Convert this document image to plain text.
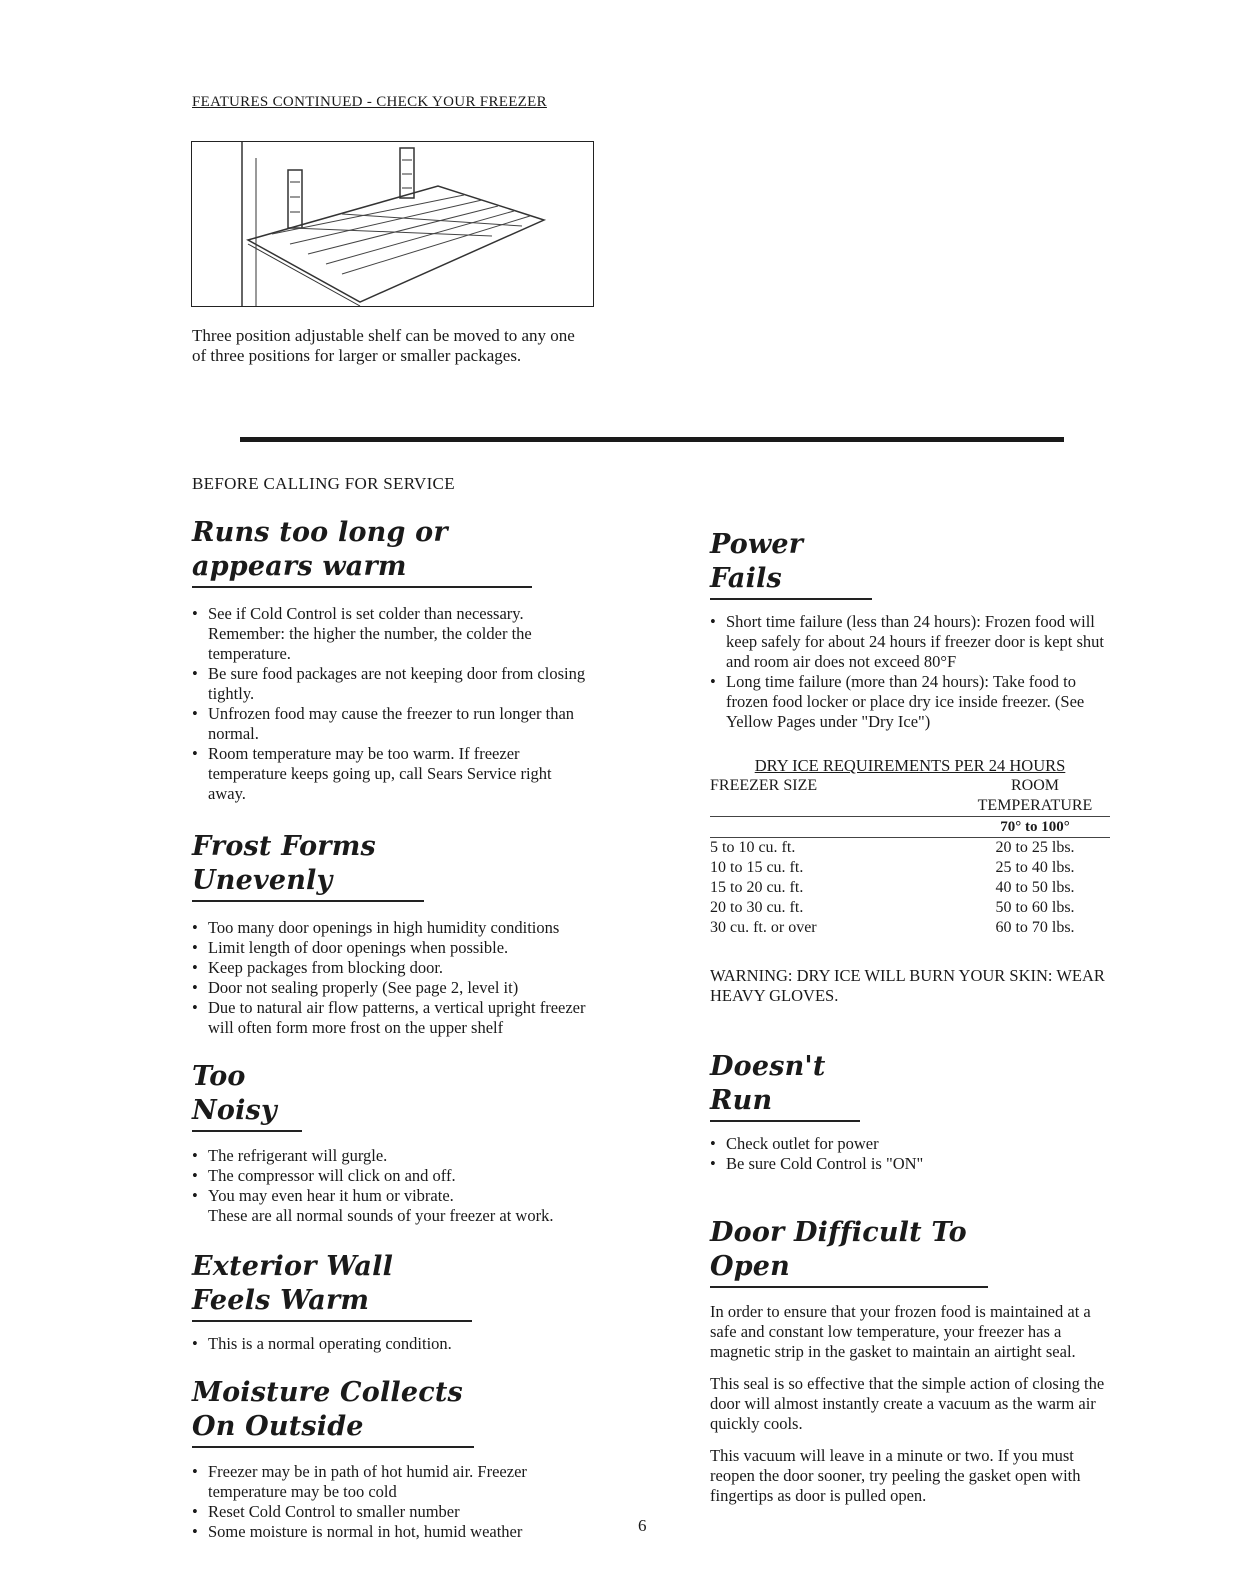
FEATURES CONTINUED - CHECK YOUR FREEZER
Three position adjustable shelf can be moved to any one of three positions for larger or smaller packages.
BEFORE CALLING FOR SERVICE
Runs too long or appears warm
• See if Cold Control is set colder than necessary. Remember: the higher the number, the colder the temperature.
• Be sure food packages are not keeping door from closing tightly.
• Unfrozen food may cause the freezer to run longer than normal.
• Room temperature may be too warm. If freezer temperature keeps going up, call Sears Service right away.
Frost Forms Unevenly
• Too many door openings in high humidity conditions
• Limit length of door openings when possible.
• Keep packages from blocking door.
• Door not sealing properly (See page 2, level it)
• Due to natural air flow patterns, a vertical upright freezer will often form more frost on the upper shelf
Too Noisy
• The refrigerant will gurgle.
• The compressor will click on and off.
• You may even hear it hum or vibrate.
These are all normal sounds of your freezer at work.
Exterior Wall Feels Warm
• This is a normal operating condition.
Moisture Collects On Outside
• Freezer may be in path of hot humid air. Freezer temperature may be too cold
• Reset Cold Control to smaller number
• Some moisture is normal in hot, humid weather
Power Fails
• Short time failure (less than 24 hours): Frozen food will keep safely for about 24 hours if freezer door is kept shut and room air does not exceed 80°F
• Long time failure (more than 24 hours): Take food to frozen food locker or place dry ice inside freezer. (See Yellow Pages under "Dry Ice")
DRY ICE REQUIREMENTS PER 24 HOURS
FREEZER SIZE	ROOM TEMPERATURE
70° to 100°
5 to 10 cu. ft.	20 to 25 lbs.
10 to 15 cu. ft.	25 to 40 lbs.
15 to 20 cu. ft.	40 to 50 lbs.
20 to 30 cu. ft.	50 to 60 lbs.
30 cu. ft. or over	60 to 70 lbs.
WARNING: DRY ICE WILL BURN YOUR SKIN: WEAR HEAVY GLOVES.
Doesn't Run
• Check outlet for power
• Be sure Cold Control is "ON"
Door Difficult To Open

In order to ensure that your frozen food is maintained at a safe and constant low temperature, your freezer has a magnetic strip in the gasket to maintain an airtight seal.

This seal is so effective that the simple action of closing the door will almost instantly create a vacuum as the warm air quickly cools.

This vacuum will leave in a minute or two. If you must reopen the door sooner, try peeling the gasket open with fingertips as door is pulled open.

6
